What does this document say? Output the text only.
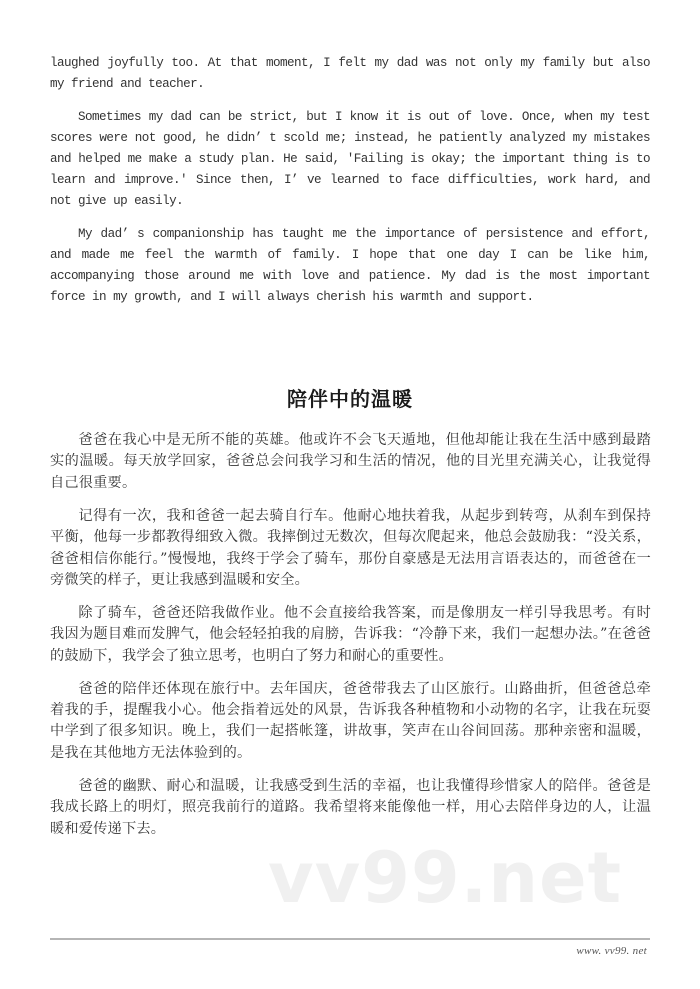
laughed joyfully too. At that moment, I felt my dad was not only my family but also my friend and teacher.

Sometimes my dad can be strict, but I know it is out of love. Once, when my test scores were not good, he didn’ t scold me; instead, he patiently analyzed my mistakes and helped me make a study plan. He said, 'Failing is okay; the important thing is to learn and improve.' Since then, I’ ve learned to face difficulties, work hard, and not give up easily.

My dad’ s companionship has taught me the importance of persistence and effort, and made me feel the warmth of family. I hope that one day I can be like him, accompanying those around me with love and patience. My dad is the most important force in my growth, and I will always cherish his warmth and support.

陪伴中的温暖

爸爸在我心中是无所不能的英雄。他或许不会飞天遁地，但他却能让我在生活中感到最踏实的温暖。每天放学回家，爸爸总会问我学习和生活的情况，他的目光里充满关心，让我觉得自己很重要。

记得有一次，我和爸爸一起去骑自行车。他耐心地扶着我，从起步到转弯，从刹车到保持平衡，他每一步都教得细致入微。我摔倒过无数次，但每次爬起来，他总会鼓励我：“没关系，爸爸相信你能行。”慢慢地，我终于学会了骑车，那份自豪感是无法用言语表达的，而爸爸在一旁微笑的样子，更让我感到温暖和安全。

除了骑车，爸爸还陪我做作业。他不会直接给我答案，而是像朋友一样引导我思考。有时我因为题目难而发脾气，他会轻轻拍我的肩膀，告诉我：“冷静下来，我们一起想办法。”在爸爸的鼓励下，我学会了独立思考，也明白了努力和耐心的重要性。

爸爸的陪伴还体现在旅行中。去年国庆，爸爸带我去了山区旅行。山路曲折，但爸爸总牵着我的手，提醒我小心。他会指着远处的风景，告诉我各种植物和小动物的名字，让我在玩耍中学到了很多知识。晚上，我们一起搭帐篷，讲故事，笑声在山谷间回荡。那种亲密和温暖，是我在其他地方无法体验到的。

爸爸的幽默、耐心和温暖，让我感受到生活的幸福，也让我懂得珍惜家人的陪伴。爸爸是我成长路上的明灯，照亮我前行的道路。我希望将来能像他一样，用心去陪伴身边的人，让温暖和爱传递下去。

vv99.net
www. vv99. net
